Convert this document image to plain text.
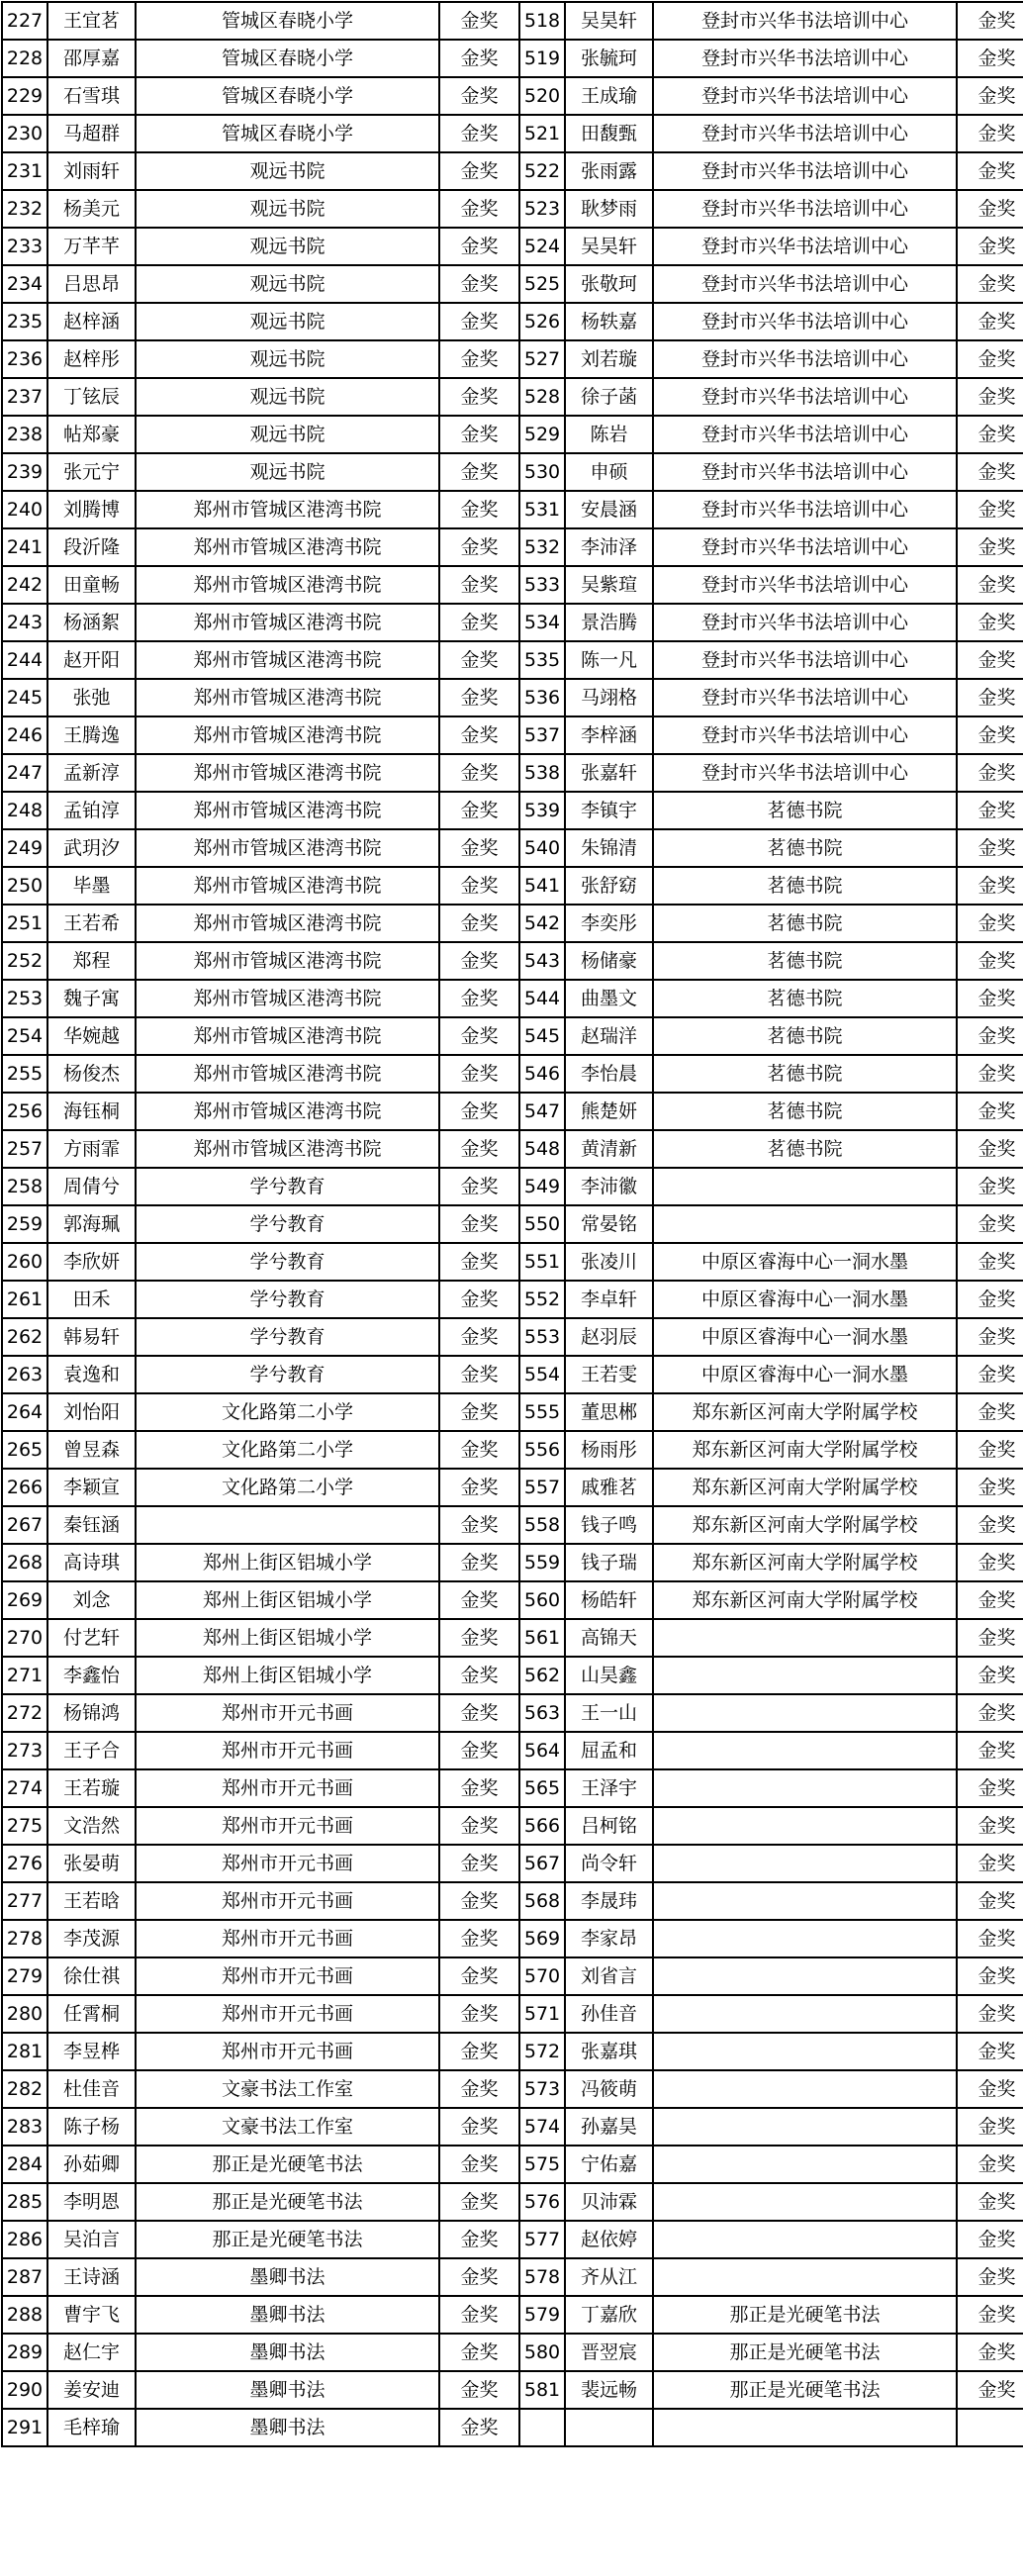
227	王宜茗	管城区春晓小学	金奖	518	吴昊轩	登封市兴华书法培训中心	金奖
228	邵厚嘉	管城区春晓小学	金奖	519	张毓珂	登封市兴华书法培训中心	金奖
229	石雪琪	管城区春晓小学	金奖	520	王成瑜	登封市兴华书法培训中心	金奖
230	马超群	管城区春晓小学	金奖	521	田馥甄	登封市兴华书法培训中心	金奖
231	刘雨轩	观远书院	金奖	522	张雨露	登封市兴华书法培训中心	金奖
232	杨美元	观远书院	金奖	523	耿梦雨	登封市兴华书法培训中心	金奖
233	万芊芊	观远书院	金奖	524	吴昊轩	登封市兴华书法培训中心	金奖
234	吕思昂	观远书院	金奖	525	张敬珂	登封市兴华书法培训中心	金奖
235	赵梓涵	观远书院	金奖	526	杨轶嘉	登封市兴华书法培训中心	金奖
236	赵梓彤	观远书院	金奖	527	刘若璇	登封市兴华书法培训中心	金奖
237	丁铉辰	观远书院	金奖	528	徐子菡	登封市兴华书法培训中心	金奖
238	帖郑豪	观远书院	金奖	529	陈岩	登封市兴华书法培训中心	金奖
239	张元宁	观远书院	金奖	530	申硕	登封市兴华书法培训中心	金奖
240	刘腾博	郑州市管城区港湾书院	金奖	531	安晨涵	登封市兴华书法培训中心	金奖
241	段沂隆	郑州市管城区港湾书院	金奖	532	李沛泽	登封市兴华书法培训中心	金奖
242	田童畅	郑州市管城区港湾书院	金奖	533	吴紫瑄	登封市兴华书法培训中心	金奖
243	杨涵絮	郑州市管城区港湾书院	金奖	534	景浩腾	登封市兴华书法培训中心	金奖
244	赵开阳	郑州市管城区港湾书院	金奖	535	陈一凡	登封市兴华书法培训中心	金奖
245	张弛	郑州市管城区港湾书院	金奖	536	马翊格	登封市兴华书法培训中心	金奖
246	王腾逸	郑州市管城区港湾书院	金奖	537	李梓涵	登封市兴华书法培训中心	金奖
247	孟新淳	郑州市管城区港湾书院	金奖	538	张嘉轩	登封市兴华书法培训中心	金奖
248	孟铂淳	郑州市管城区港湾书院	金奖	539	李镇宇	茗德书院	金奖
249	武玥汐	郑州市管城区港湾书院	金奖	540	朱锦清	茗德书院	金奖
250	毕墨	郑州市管城区港湾书院	金奖	541	张舒窈	茗德书院	金奖
251	王若希	郑州市管城区港湾书院	金奖	542	李奕彤	茗德书院	金奖
252	郑程	郑州市管城区港湾书院	金奖	543	杨储豪	茗德书院	金奖
253	魏子寓	郑州市管城区港湾书院	金奖	544	曲墨文	茗德书院	金奖
254	华婉越	郑州市管城区港湾书院	金奖	545	赵瑞洋	茗德书院	金奖
255	杨俊杰	郑州市管城区港湾书院	金奖	546	李怡晨	茗德书院	金奖
256	海钰桐	郑州市管城区港湾书院	金奖	547	熊楚妍	茗德书院	金奖
257	方雨霏	郑州市管城区港湾书院	金奖	548	黄清新	茗德书院	金奖
258	周倩兮	学兮教育	金奖	549	李沛徽		金奖
259	郭海珮	学兮教育	金奖	550	常晏铭		金奖
260	李欣妍	学兮教育	金奖	551	张凌川	中原区睿海中心一洞水墨	金奖
261	田禾	学兮教育	金奖	552	李卓轩	中原区睿海中心一洞水墨	金奖
262	韩易轩	学兮教育	金奖	553	赵羽辰	中原区睿海中心一洞水墨	金奖
263	袁逸和	学兮教育	金奖	554	王若雯	中原区睿海中心一洞水墨	金奖
264	刘怡阳	文化路第二小学	金奖	555	董思郴	郑东新区河南大学附属学校	金奖
265	曾昱森	文化路第二小学	金奖	556	杨雨彤	郑东新区河南大学附属学校	金奖
266	李颖宣	文化路第二小学	金奖	557	戚雅茗	郑东新区河南大学附属学校	金奖
267	秦钰涵		金奖	558	钱子鸣	郑东新区河南大学附属学校	金奖
268	高诗琪	郑州上街区铝城小学	金奖	559	钱子瑞	郑东新区河南大学附属学校	金奖
269	刘念	郑州上街区铝城小学	金奖	560	杨皓轩	郑东新区河南大学附属学校	金奖
270	付艺轩	郑州上街区铝城小学	金奖	561	高锦天		金奖
271	李鑫怡	郑州上街区铝城小学	金奖	562	山昊鑫		金奖
272	杨锦鸿	郑州市开元书画	金奖	563	王一山		金奖
273	王子合	郑州市开元书画	金奖	564	屈孟和		金奖
274	王若璇	郑州市开元书画	金奖	565	王泽宇		金奖
275	文浩然	郑州市开元书画	金奖	566	吕柯铭		金奖
276	张晏萌	郑州市开元书画	金奖	567	尚令轩		金奖
277	王若晗	郑州市开元书画	金奖	568	李晟玮		金奖
278	李茂源	郑州市开元书画	金奖	569	李家昂		金奖
279	徐仕祺	郑州市开元书画	金奖	570	刘省言		金奖
280	任霄桐	郑州市开元书画	金奖	571	孙佳音		金奖
281	李昱桦	郑州市开元书画	金奖	572	张嘉琪		金奖
282	杜佳音	文豪书法工作室	金奖	573	冯筱萌		金奖
283	陈子杨	文豪书法工作室	金奖	574	孙嘉昊		金奖
284	孙茹卿	那正是光硬笔书法	金奖	575	宁佑嘉		金奖
285	李明恩	那正是光硬笔书法	金奖	576	贝沛霖		金奖
286	吴泊言	那正是光硬笔书法	金奖	577	赵依婷		金奖
287	王诗涵	墨卿书法	金奖	578	齐从江		金奖
288	曹宇飞	墨卿书法	金奖	579	丁嘉欣	那正是光硬笔书法	金奖
289	赵仁宇	墨卿书法	金奖	580	晋翌宸	那正是光硬笔书法	金奖
290	姜安迪	墨卿书法	金奖	581	裴远畅	那正是光硬笔书法	金奖
291	毛梓瑜	墨卿书法	金奖				
